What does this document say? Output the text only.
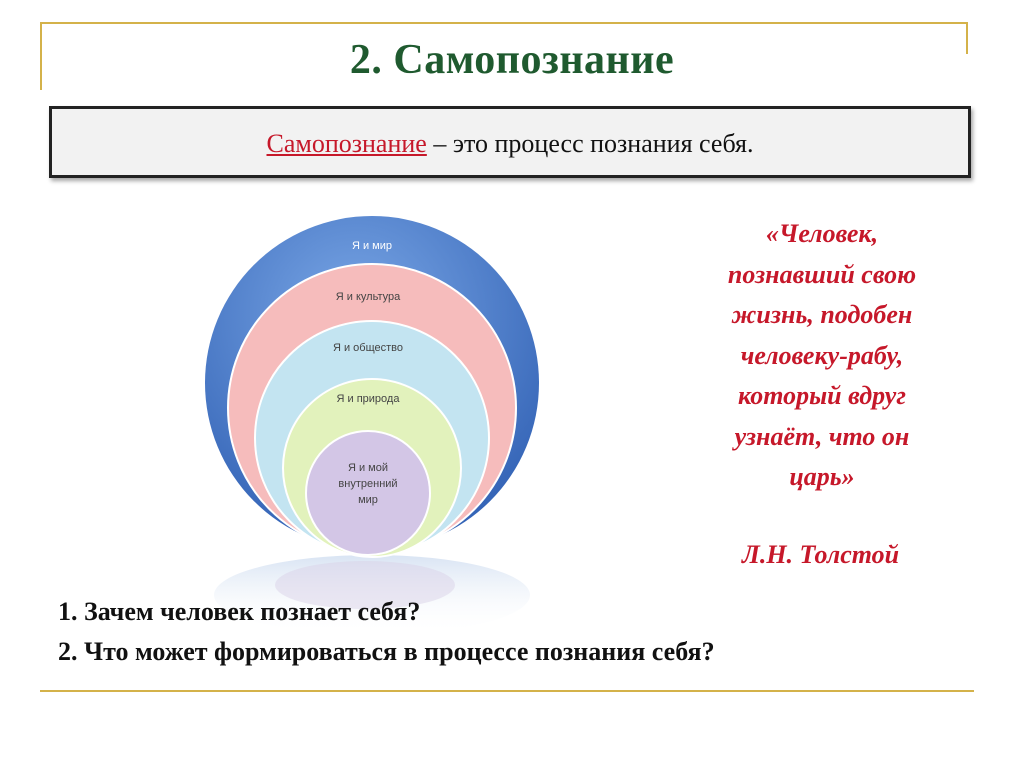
2. Самопознание
Самопознание – это процесс познания себя.
Я и мир
Я и культура
Я и общество
Я и природа
Я и мой
внутренний
мир
«Человек,
познавший свою
жизнь, подобен
человеку-рабу,
который вдруг
узнаёт, что он
царь»
Л.Н. Толстой
1. Зачем человек познает себя?
2. Что может формироваться в процессе познания себя?
